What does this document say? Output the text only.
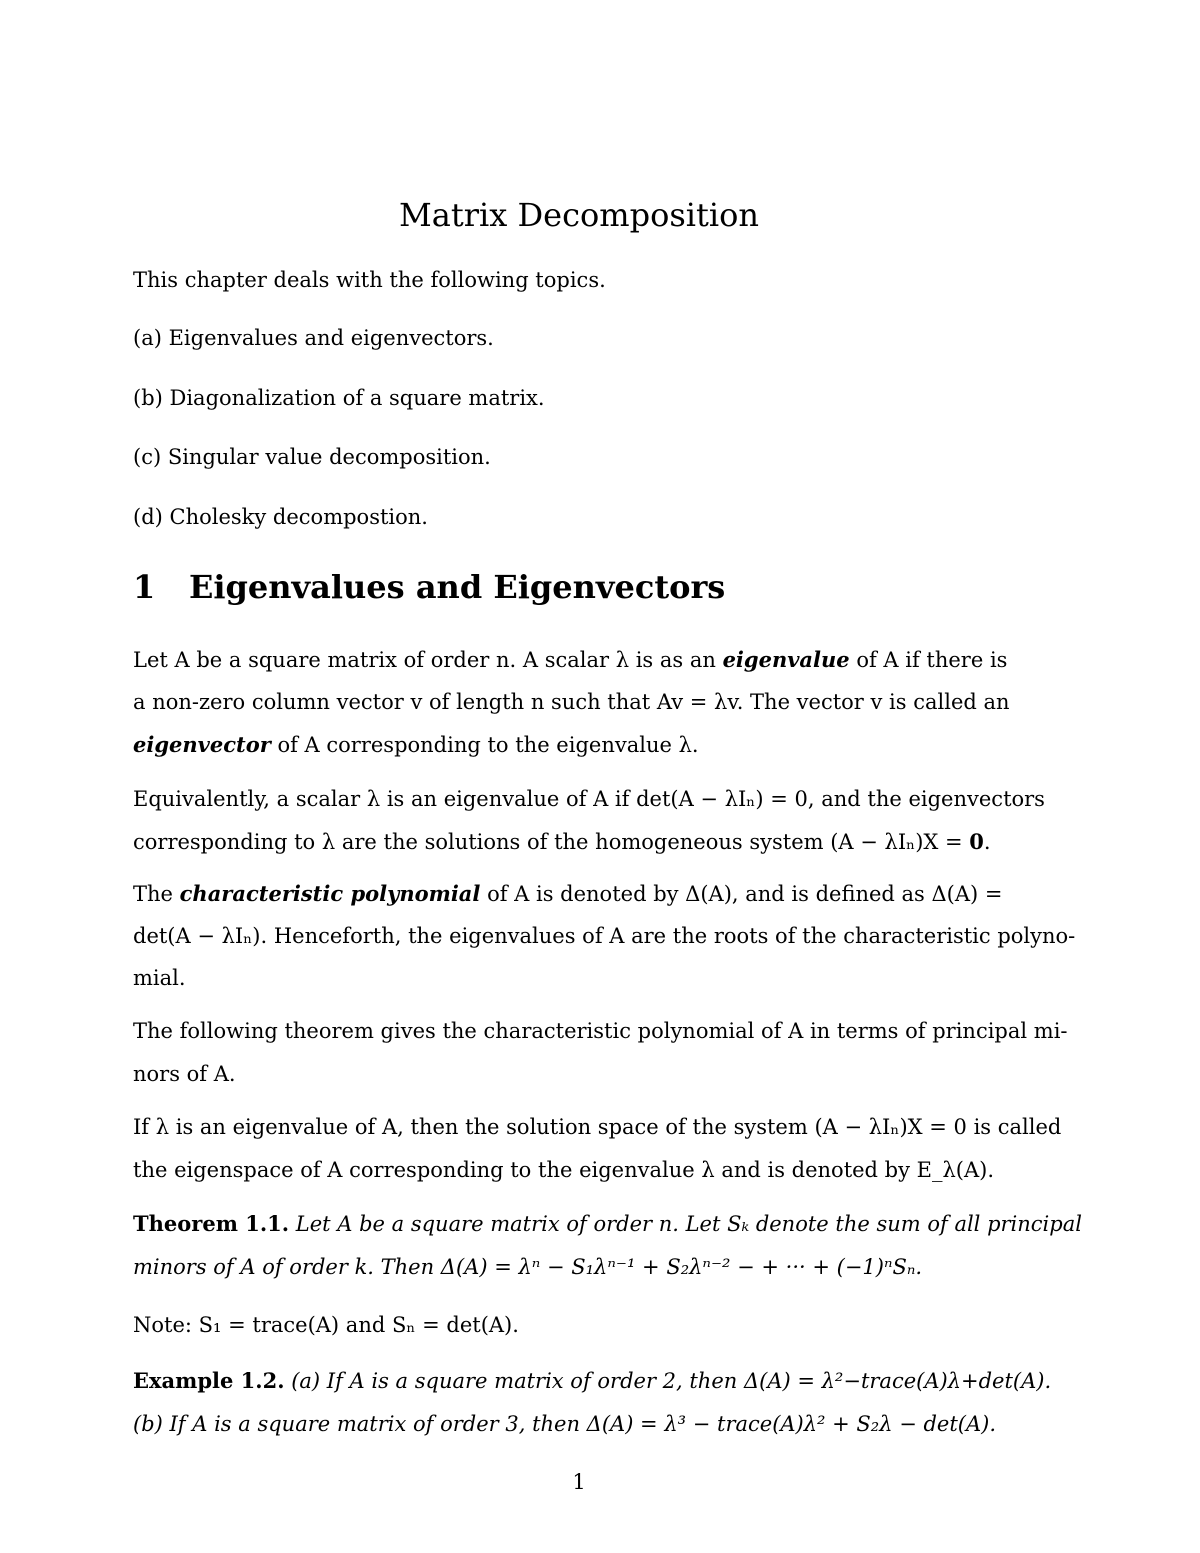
Matrix Decomposition

This chapter deals with the following topics.

(a) Eigenvalues and eigenvectors.

(b) Diagonalization of a square matrix.

(c) Singular value decomposition.

(d) Cholesky decompostion.

1 Eigenvalues and Eigenvectors

Let A be a square matrix of order n. A scalar λ is as an eigenvalue of A if there is

a non-zero column vector v of length n such that Av = λv. The vector v is called an

eigenvector of A corresponding to the eigenvalue λ.

Equivalently, a scalar λ is an eigenvalue of A if det(A − λIₙ) = 0, and the eigenvectors

corresponding to λ are the solutions of the homogeneous system (A − λIₙ)X = 0.

The characteristic polynomial of A is denoted by Δ(A), and is defined as Δ(A) =

det(A − λIₙ). Henceforth, the eigenvalues of A are the roots of the characteristic polyno-

mial.

The following theorem gives the characteristic polynomial of A in terms of principal mi-

nors of A.

If λ is an eigenvalue of A, then the solution space of the system (A − λIₙ)X = 0 is called

the eigenspace of A corresponding to the eigenvalue λ and is denoted by E_λ(A).

Theorem 1.1. Let A be a square matrix of order n. Let Sₖ denote the sum of all principal

minors of A of order k. Then Δ(A) = λⁿ − S₁λⁿ⁻¹ + S₂λⁿ⁻² − + ··· + (−1)ⁿSₙ.

Note: S₁ = trace(A) and Sₙ = det(A).

Example 1.2. (a) If A is a square matrix of order 2, then Δ(A) = λ²−trace(A)λ+det(A).

(b) If A is a square matrix of order 3, then Δ(A) = λ³ − trace(A)λ² + S₂λ − det(A).

1
